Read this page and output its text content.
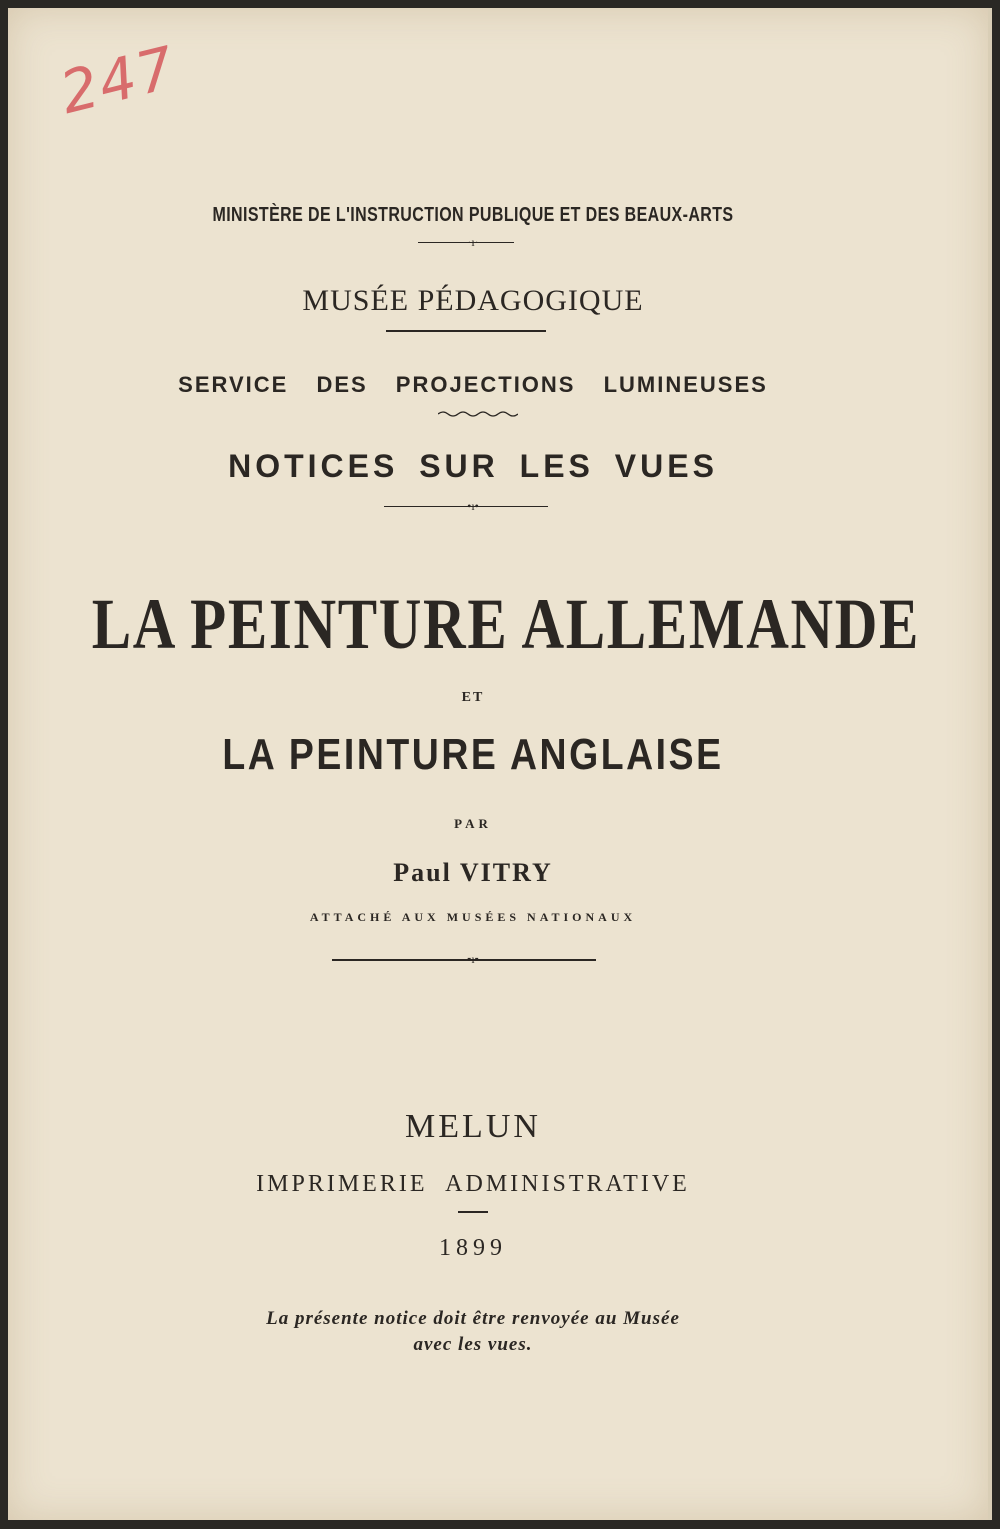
247
MINISTÈRE DE L'INSTRUCTION PUBLIQUE ET DES BEAUX-ARTS
·ı·
MUSÉE PÉDAGOGIQUE
SERVICE DES PROJECTIONS LUMINEUSES
NOTICES SUR LES VUES
•ı•
LA PEINTURE ALLEMANDE
ET
LA PEINTURE ANGLAISE
PAR
Paul VITRY
ATTACHÉ AUX MUSÉES NATIONAUX
▪ı▪
MELUN
IMPRIMERIE ADMINISTRATIVE
1899
La présente notice doit être renvoyée au Musée
avec les vues.
